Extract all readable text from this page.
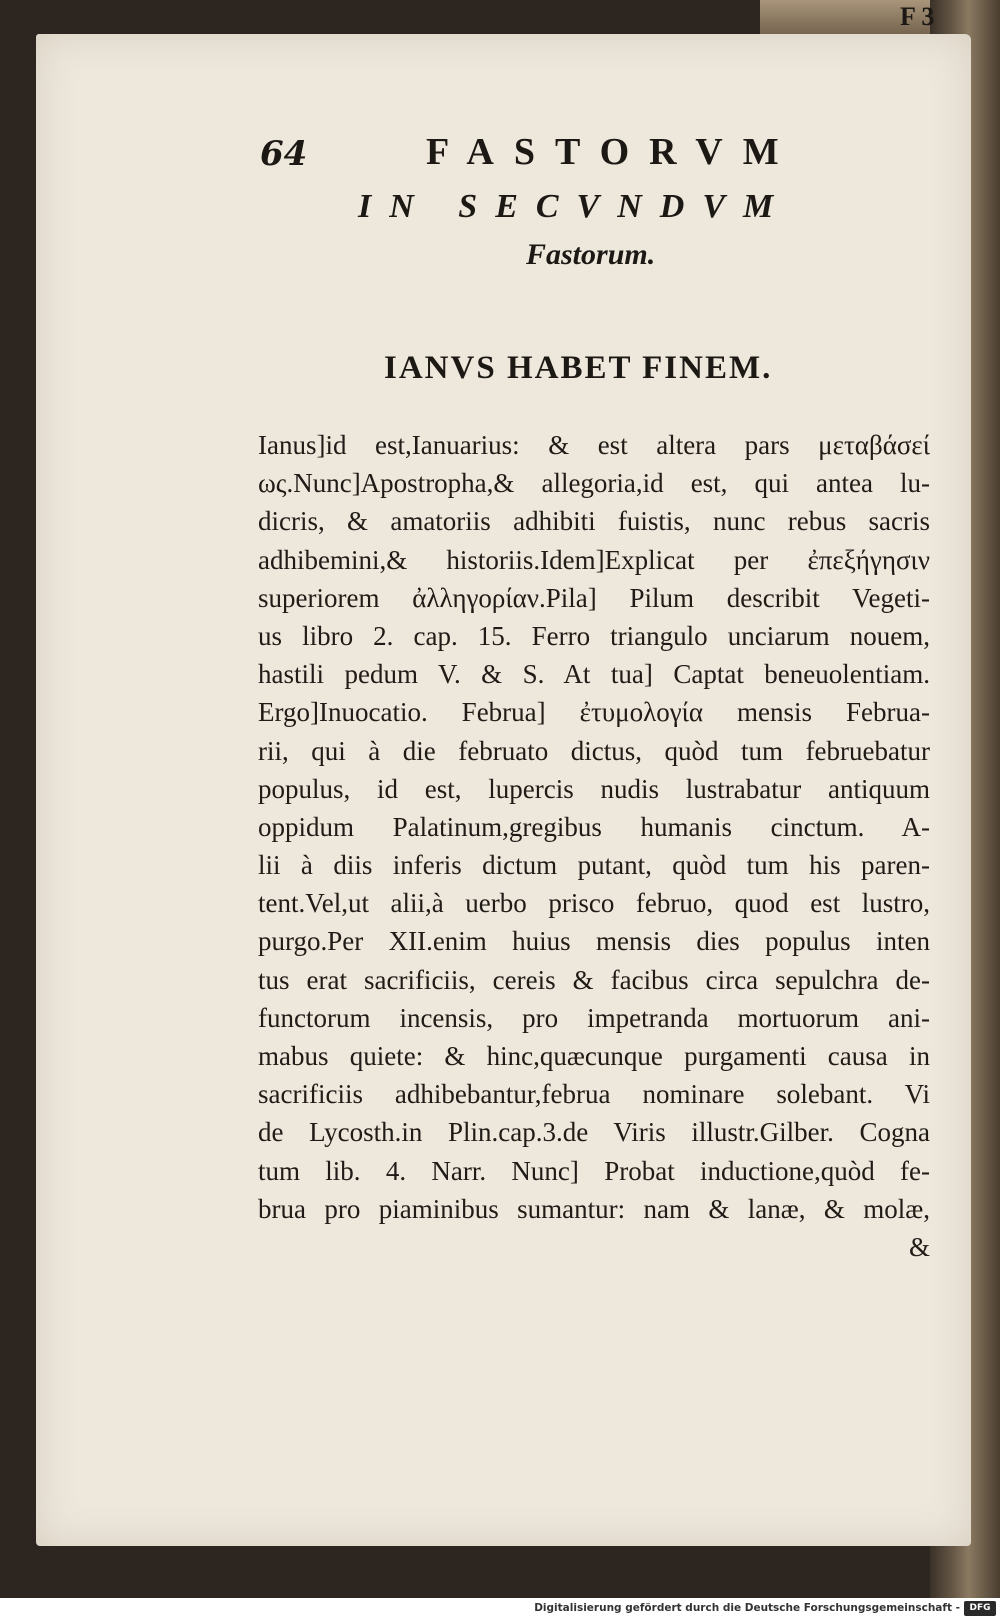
F 3
64	FASTORVM
IN SECVNDVM
Fastorum.
IANVS HABET FINEM.
Ianus]id est,Ianuarius: & est altera pars μεταβάσεί
ως.Nunc]Apostropha,& allegoria,id est, qui antea lu-
dicris, & amatoriis adhibiti fuistis, nunc rebus sacris
adhibemini,& historiis.Idem]Explicat per ἐπεξήγησιν
superiorem ἀλληγορίαν.Pila] Pilum describit Vegeti-
us libro 2. cap. 15. Ferro triangulo unciarum nouem,
hastili pedum V. & S. At tua] Captat beneuolentiam.
Ergo]Inuocatio. Februa] ἐτυμολογία mensis Februa-
rii, qui à die februato dictus, quòd tum februebatur
populus, id est, lupercis nudis lustrabatur antiquum
oppidum Palatinum,gregibus humanis cinctum. A-
lii à diis inferis dictum putant, quòd tum his paren-
tent.Vel,ut alii,à uerbo prisco februo, quod est lustro,
purgo.Per XII.enim huius mensis dies populus inten
tus erat sacrificiis, cereis & facibus circa sepulchra de-
functorum incensis, pro impetranda mortuorum ani-
mabus quiete: & hinc,quæcunque purgamenti causa in
sacrificiis adhibebantur,februa nominare solebant. Vi
de Lycosth.in Plin.cap.3.de Viris illustr.Gilber. Cogna
tum lib. 4. Narr. Nunc] Probat inductione,quòd fe-
brua pro piaminibus sumantur: nam & lanæ, & molæ,
&
Digitalisierung gefördert durch die Deutsche Forschungsgemeinschaft -	DFG
